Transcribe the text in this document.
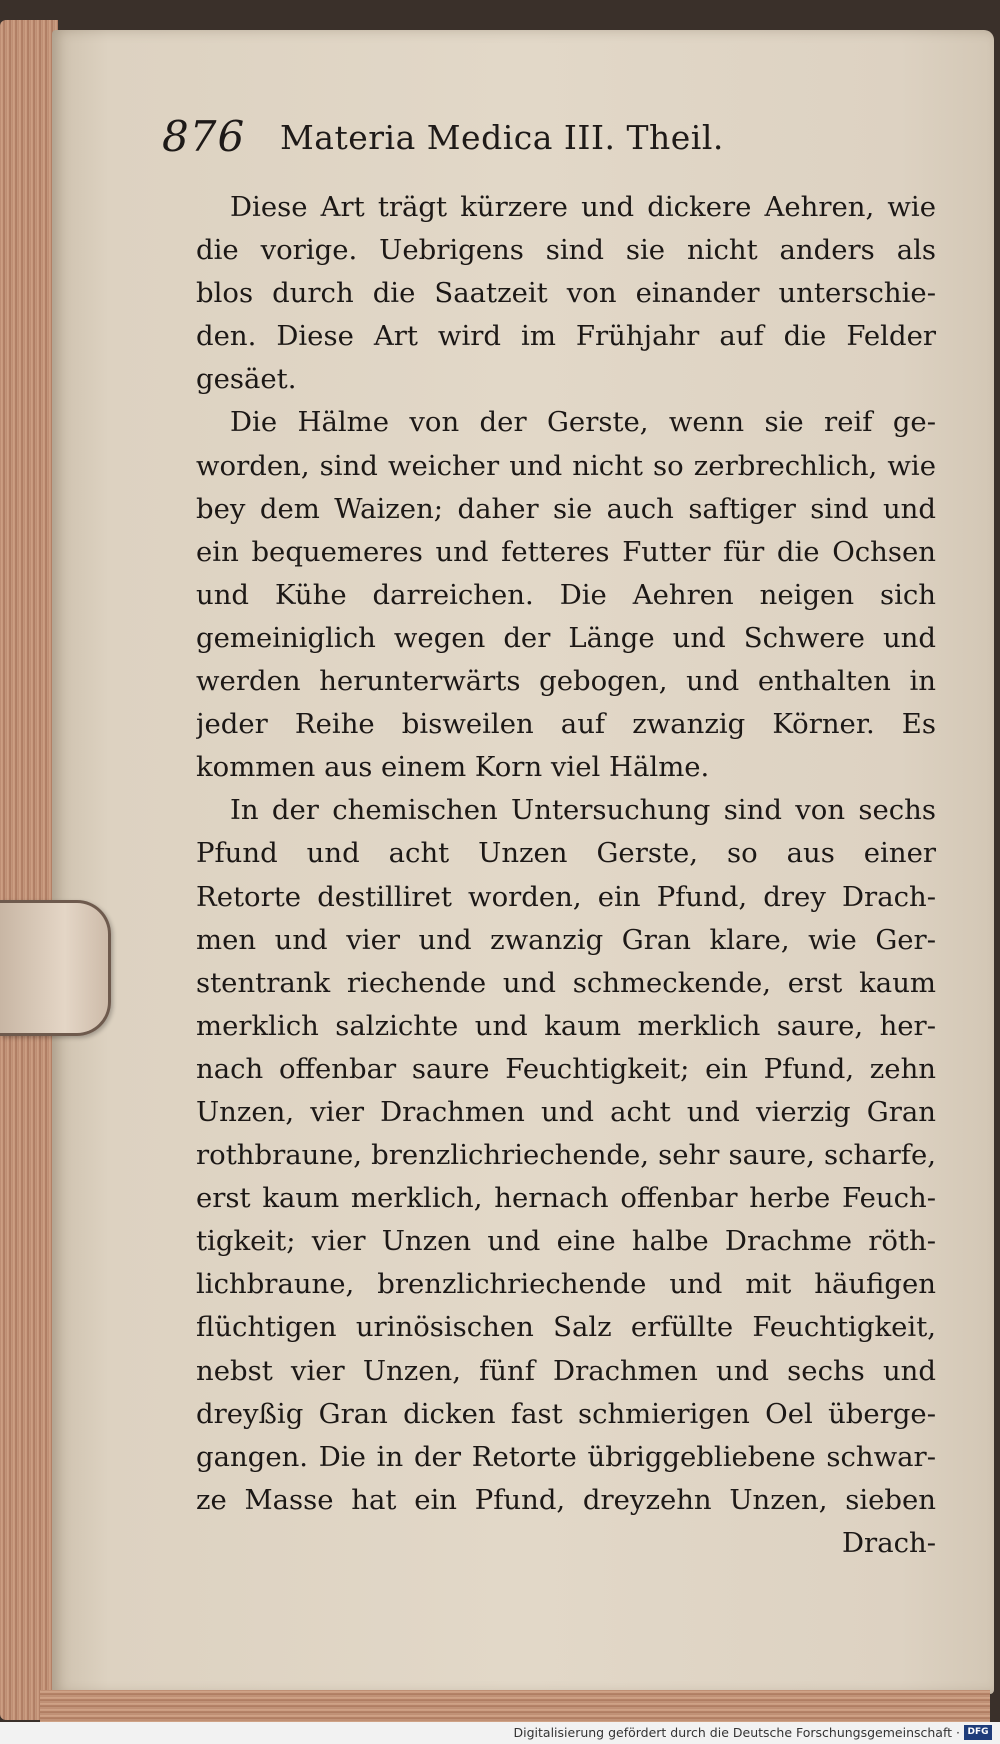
876 Materia Medica III. Theil.
Diese Art trägt kürzere und dickere Aehren, wie
die vorige. Uebrigens sind sie nicht anders als
blos durch die Saatzeit von einander unterschie-
den. Diese Art wird im Frühjahr auf die Felder
gesäet.
Die Hälme von der Gerste, wenn sie reif ge-
worden, sind weicher und nicht so zerbrechlich, wie
bey dem Waizen; daher sie auch saftiger sind und
ein bequemeres und fetteres Futter für die Ochsen
und Kühe darreichen. Die Aehren neigen sich
gemeiniglich wegen der Länge und Schwere und
werden herunterwärts gebogen, und enthalten in
jeder Reihe bisweilen auf zwanzig Körner. Es
kommen aus einem Korn viel Hälme.
In der chemischen Untersuchung sind von sechs
Pfund und acht Unzen Gerste, so aus einer
Retorte destilliret worden, ein Pfund, drey Drach-
men und vier und zwanzig Gran klare, wie Ger-
stentrank riechende und schmeckende, erst kaum
merklich salzichte und kaum merklich saure, her-
nach offenbar saure Feuchtigkeit; ein Pfund, zehn
Unzen, vier Drachmen und acht und vierzig Gran
rothbraune, brenzlichriechende, sehr saure, scharfe,
erst kaum merklich, hernach offenbar herbe Feuch-
tigkeit; vier Unzen und eine halbe Drachme röth-
lichbraune, brenzlichriechende und mit häufigen
flüchtigen urinösischen Salz erfüllte Feuchtigkeit,
nebst vier Unzen, fünf Drachmen und sechs und
dreyßig Gran dicken fast schmierigen Oel überge-
gangen. Die in der Retorte übriggebliebene schwar-
ze Masse hat ein Pfund, dreyzehn Unzen, sieben
Drach-
Digitalisierung gefördert durch die Deutsche Forschungsgemeinschaft · DFG
